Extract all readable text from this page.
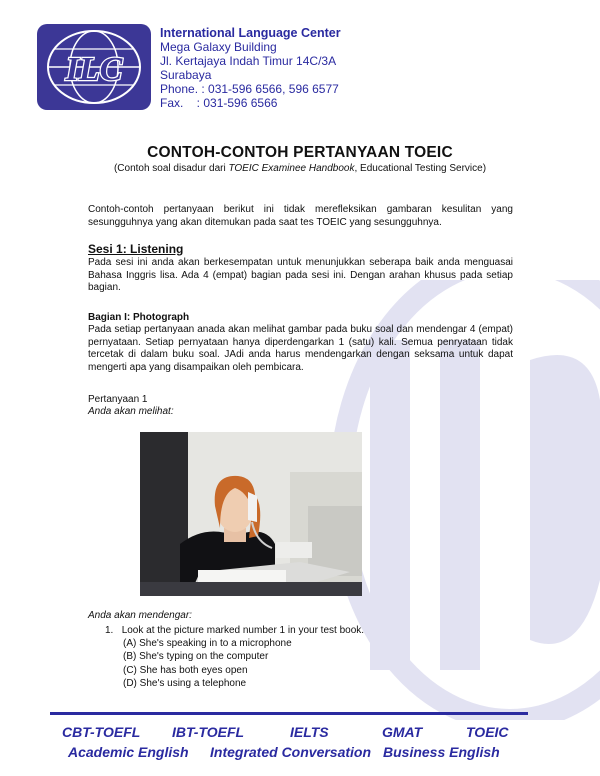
ILC
International Language Center
Mega Galaxy Building
Jl. Kertajaya Indah Timur 14C/3A
Surabaya
Phone. : 031-596 6566, 596 6577
Fax.    : 031-596 6566
CONTOH-CONTOH PERTANYAAN TOEIC
(Contoh soal disadur dari TOEIC Examinee Handbook, Educational Testing Service)
Contoh-contoh pertanyaan berikut ini tidak merefleksikan gambaran kesulitan yang sesungguhnya yang akan ditemukan pada saat tes TOEIC yang sesungguhnya.
Sesi 1: Listening
Pada sesi ini anda akan berkesempatan untuk menunjukkan seberapa baik anda menguasai Bahasa Inggris lisa. Ada 4 (empat) bagian pada sesi ini. Dengan arahan khusus pada setiap bagian.
Bagian I: Photograph
Pada setiap pertanyaan anada akan melihat gambar pada buku soal dan mendengar 4 (empat) pernyataan. Setiap pernyataan hanya diperdengarkan 1 (satu) kali. Semua penryataan tidak tercetak di dalam buku soal. JAdi anda harus mendengarkan dengan seksama untuk dapat mengerti apa yang disampaikan oleh pembicara.
Pertanyaan 1
Anda akan melihat:
Anda akan mendengar:
1. Look at the picture marked number 1 in your test book.
(A) She's speaking in to a microphone
(B) She's typing on the computer
(C) She has both eyes open
(D) She's using a telephone
CBT-TOEFL IBT-TOEFL	IELTS	GMAT	TOEIC
Academic English Integrated Conversation Business English
